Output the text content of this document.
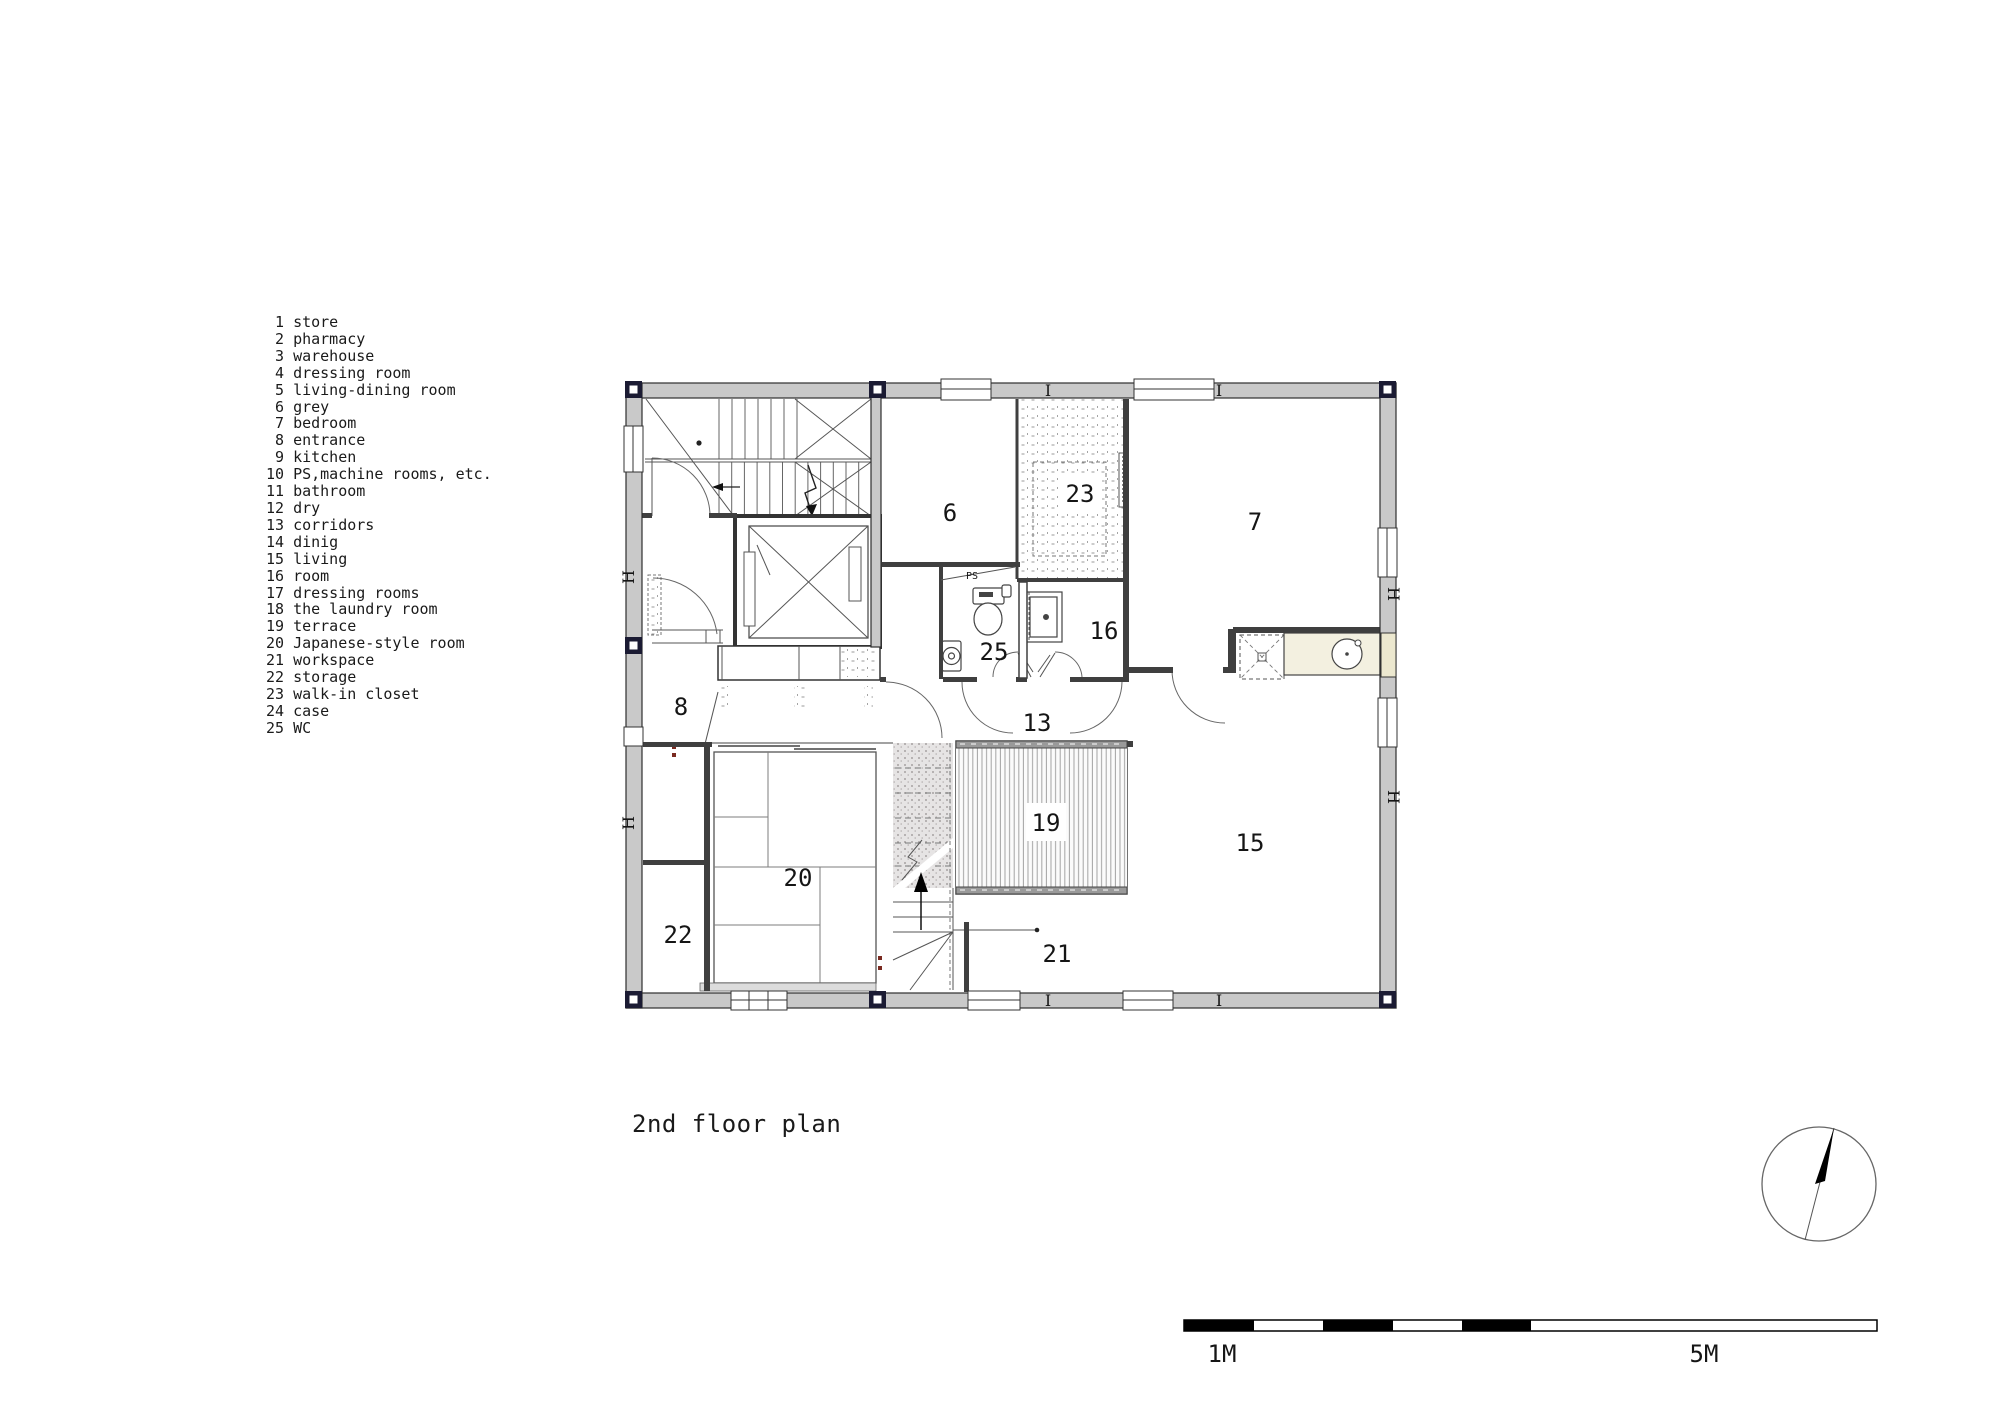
1 store
2 pharmacy
3 warehouse
4 dressing room
5 living-dining room
6 grey
7 bedroom
8 entrance
9 kitchen
10 PS,machine rooms, etc.
11 bathroom
12 dry
13 corridors
14 dinig
15 living
16 room
17 dressing rooms
18 the laundry room
19 terrace
20 Japanese-style room
21 workspace
22 storage
23 walk-in closet
24 case
25 WC
6	7
8
13
15
16
19
20
21
22
23
25
PS
I	I
I	I
H
H
H
H
1M	5M
2nd floor plan
